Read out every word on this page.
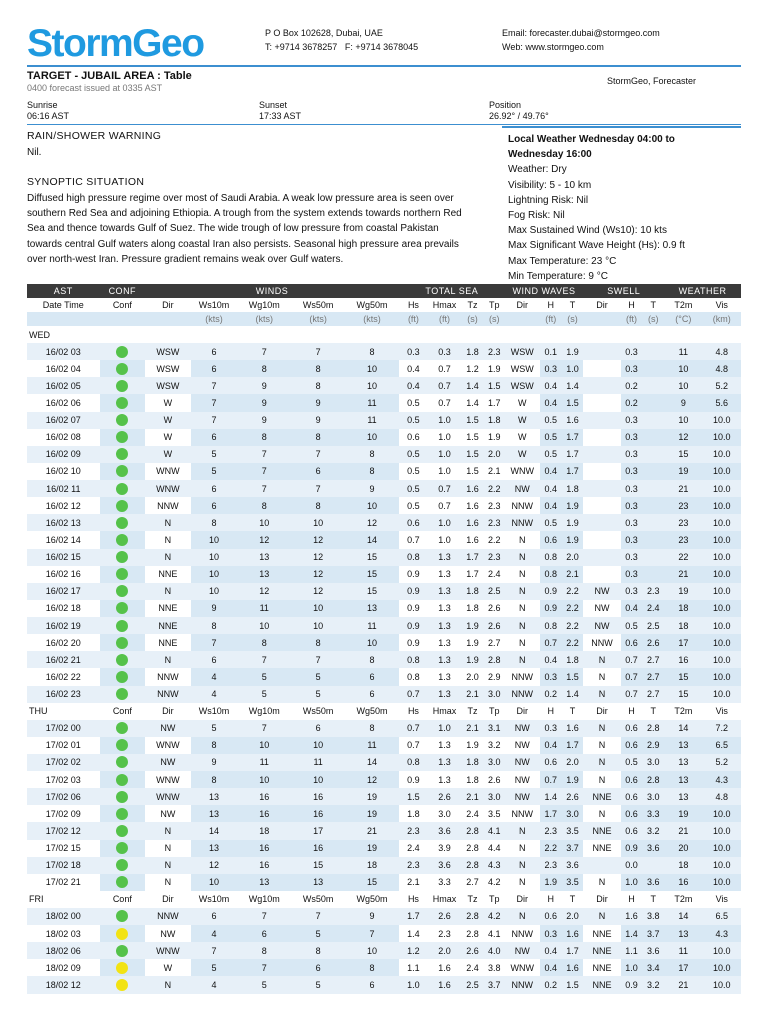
StormGeo	P O Box 102628, Dubai, UAE
T: +9714 3678257   F: +9714 3678045
Email: forecaster.dubai@stormgeo.com
Web: www.stormgeo.com
TARGET - JUBAIL AREA : Table
0400 forecast issued at 0335 AST
StormGeo, Forecaster
Sunrise
06:16 AST
Sunset
17:33 AST
Position
26.92° / 49.76°
RAIN/SHOWER WARNING
Nil.
SYNOPTIC SITUATION
Diffused high pressure regime over most of Saudi Arabia. A weak low pressure area is seen over
southern Red Sea and adjoining Ethiopia. A trough from the system extends towards northern Red
Sea and thence towards Gulf of Suez. The wide trough of low pressure from coastal Pakistan
towards central Gulf waters along coastal Iran also persists. Seasonal high pressure area prevails
over north-west Iran. Pressure gradient remains weak over Gulf waters.
Local Weather Wednesday 04:00 to
Wednesday 16:00
Weather: Dry
Visibility: 5 - 10 km
Lightning Risk: Nil
Fog Risk: Nil
Max Sustained Wind (Ws10): 10 kts
Max Significant Wave Height (Hs): 0.9 ft
Max Temperature: 23 °C
Min Temperature: 9 °C
AST	CONF	WINDS					TOTAL SEA				WIND WAVES			SWELL			WEATHER	
Date Time	Conf	Dir	Ws10m	Wg10m	Ws50m	Wg50m	Hs	Hmax	Tz	Tp	Dir	H	T	Dir	H	T	T2m	Vis
			(kts)	(kts)	(kts)	(kts)	(ft)	(ft)	(s)	(s)		(ft)	(s)		(ft)	(s)	(°C)	(km)
WED																		
16/02 03		WSW	6	7	7	8	0.3	0.3	1.8	2.3	WSW	0.1	1.9		0.3		11	4.8
16/02 04		WSW	6	8	8	10	0.4	0.7	1.2	1.9	WSW	0.3	1.0		0.3		10	4.8
16/02 05		WSW	7	9	8	10	0.4	0.7	1.4	1.5	WSW	0.4	1.4		0.2		10	5.2
16/02 06		W	7	9	9	11	0.5	0.7	1.4	1.7	W	0.4	1.5		0.2		9	5.6
16/02 07		W	7	9	9	11	0.5	1.0	1.5	1.8	W	0.5	1.6		0.3		10	10.0
16/02 08		W	6	8	8	10	0.6	1.0	1.5	1.9	W	0.5	1.7		0.3		12	10.0
16/02 09		W	5	7	7	8	0.5	1.0	1.5	2.0	W	0.5	1.7		0.3		15	10.0
16/02 10		WNW	5	7	6	8	0.5	1.0	1.5	2.1	WNW	0.4	1.7		0.3		19	10.0
16/02 11		WNW	6	7	7	9	0.5	0.7	1.6	2.2	NW	0.4	1.8		0.3		21	10.0
16/02 12		NNW	6	8	8	10	0.5	0.7	1.6	2.3	NNW	0.4	1.9		0.3		23	10.0
16/02 13		N	8	10	10	12	0.6	1.0	1.6	2.3	NNW	0.5	1.9		0.3		23	10.0
16/02 14		N	10	12	12	14	0.7	1.0	1.6	2.2	N	0.6	1.9		0.3		23	10.0
16/02 15		N	10	13	12	15	0.8	1.3	1.7	2.3	N	0.8	2.0		0.3		22	10.0
16/02 16		NNE	10	13	12	15	0.9	1.3	1.7	2.4	N	0.8	2.1		0.3		21	10.0
16/02 17		N	10	12	12	15	0.9	1.3	1.8	2.5	N	0.9	2.2	NW	0.3	2.3	19	10.0
16/02 18		NNE	9	11	10	13	0.9	1.3	1.8	2.6	N	0.9	2.2	NW	0.4	2.4	18	10.0
16/02 19		NNE	8	10	10	11	0.9	1.3	1.9	2.6	N	0.8	2.2	NW	0.5	2.5	18	10.0
16/02 20		NNE	7	8	8	10	0.9	1.3	1.9	2.7	N	0.7	2.2	NNW	0.6	2.6	17	10.0
16/02 21		N	6	7	7	8	0.8	1.3	1.9	2.8	N	0.4	1.8	N	0.7	2.7	16	10.0
16/02 22		NNW	4	5	5	6	0.8	1.3	2.0	2.9	NNW	0.3	1.5	N	0.7	2.7	15	10.0
16/02 23		NNW	4	5	5	6	0.7	1.3	2.1	3.0	NNW	0.2	1.4	N	0.7	2.7	15	10.0
THU	Conf	Dir	Ws10m	Wg10m	Ws50m	Wg50m	Hs	Hmax	Tz	Tp	Dir	H	T	Dir	H	T	T2m	Vis
17/02 00		NW	5	7	6	8	0.7	1.0	2.1	3.1	NW	0.3	1.6	N	0.6	2.8	14	7.2
17/02 01		WNW	8	10	10	11	0.7	1.3	1.9	3.2	NW	0.4	1.7	N	0.6	2.9	13	6.5
17/02 02		NW	9	11	11	14	0.8	1.3	1.8	3.0	NW	0.6	2.0	N	0.5	3.0	13	5.2
17/02 03		WNW	8	10	10	12	0.9	1.3	1.8	2.6	NW	0.7	1.9	N	0.6	2.8	13	4.3
17/02 06		WNW	13	16	16	19	1.5	2.6	2.1	3.0	NW	1.4	2.6	NNE	0.6	3.0	13	4.8
17/02 09		NW	13	16	16	19	1.8	3.0	2.4	3.5	NNW	1.7	3.0	N	0.6	3.3	19	10.0
17/02 12		N	14	18	17	21	2.3	3.6	2.8	4.1	N	2.3	3.5	NNE	0.6	3.2	21	10.0
17/02 15		N	13	16	16	19	2.4	3.9	2.8	4.4	N	2.2	3.7	NNE	0.9	3.6	20	10.0
17/02 18		N	12	16	15	18	2.3	3.6	2.8	4.3	N	2.3	3.6		0.0		18	10.0
17/02 21		N	10	13	13	15	2.1	3.3	2.7	4.2	N	1.9	3.5	N	1.0	3.6	16	10.0
FRI	Conf	Dir	Ws10m	Wg10m	Ws50m	Wg50m	Hs	Hmax	Tz	Tp	Dir	H	T	Dir	H	T	T2m	Vis
18/02 00		NNW	6	7	7	9	1.7	2.6	2.8	4.2	N	0.6	2.0	N	1.6	3.8	14	6.5
18/02 03		NW	4	6	5	7	1.4	2.3	2.8	4.1	NNW	0.3	1.6	NNE	1.4	3.7	13	4.3
18/02 06		WNW	7	8	8	10	1.2	2.0	2.6	4.0	NW	0.4	1.7	NNE	1.1	3.6	11	10.0
18/02 09		W	5	7	6	8	1.1	1.6	2.4	3.8	WNW	0.4	1.6	NNE	1.0	3.4	17	10.0
18/02 12		N	4	5	5	6	1.0	1.6	2.5	3.7	NNW	0.2	1.5	NNE	0.9	3.2	21	10.0
